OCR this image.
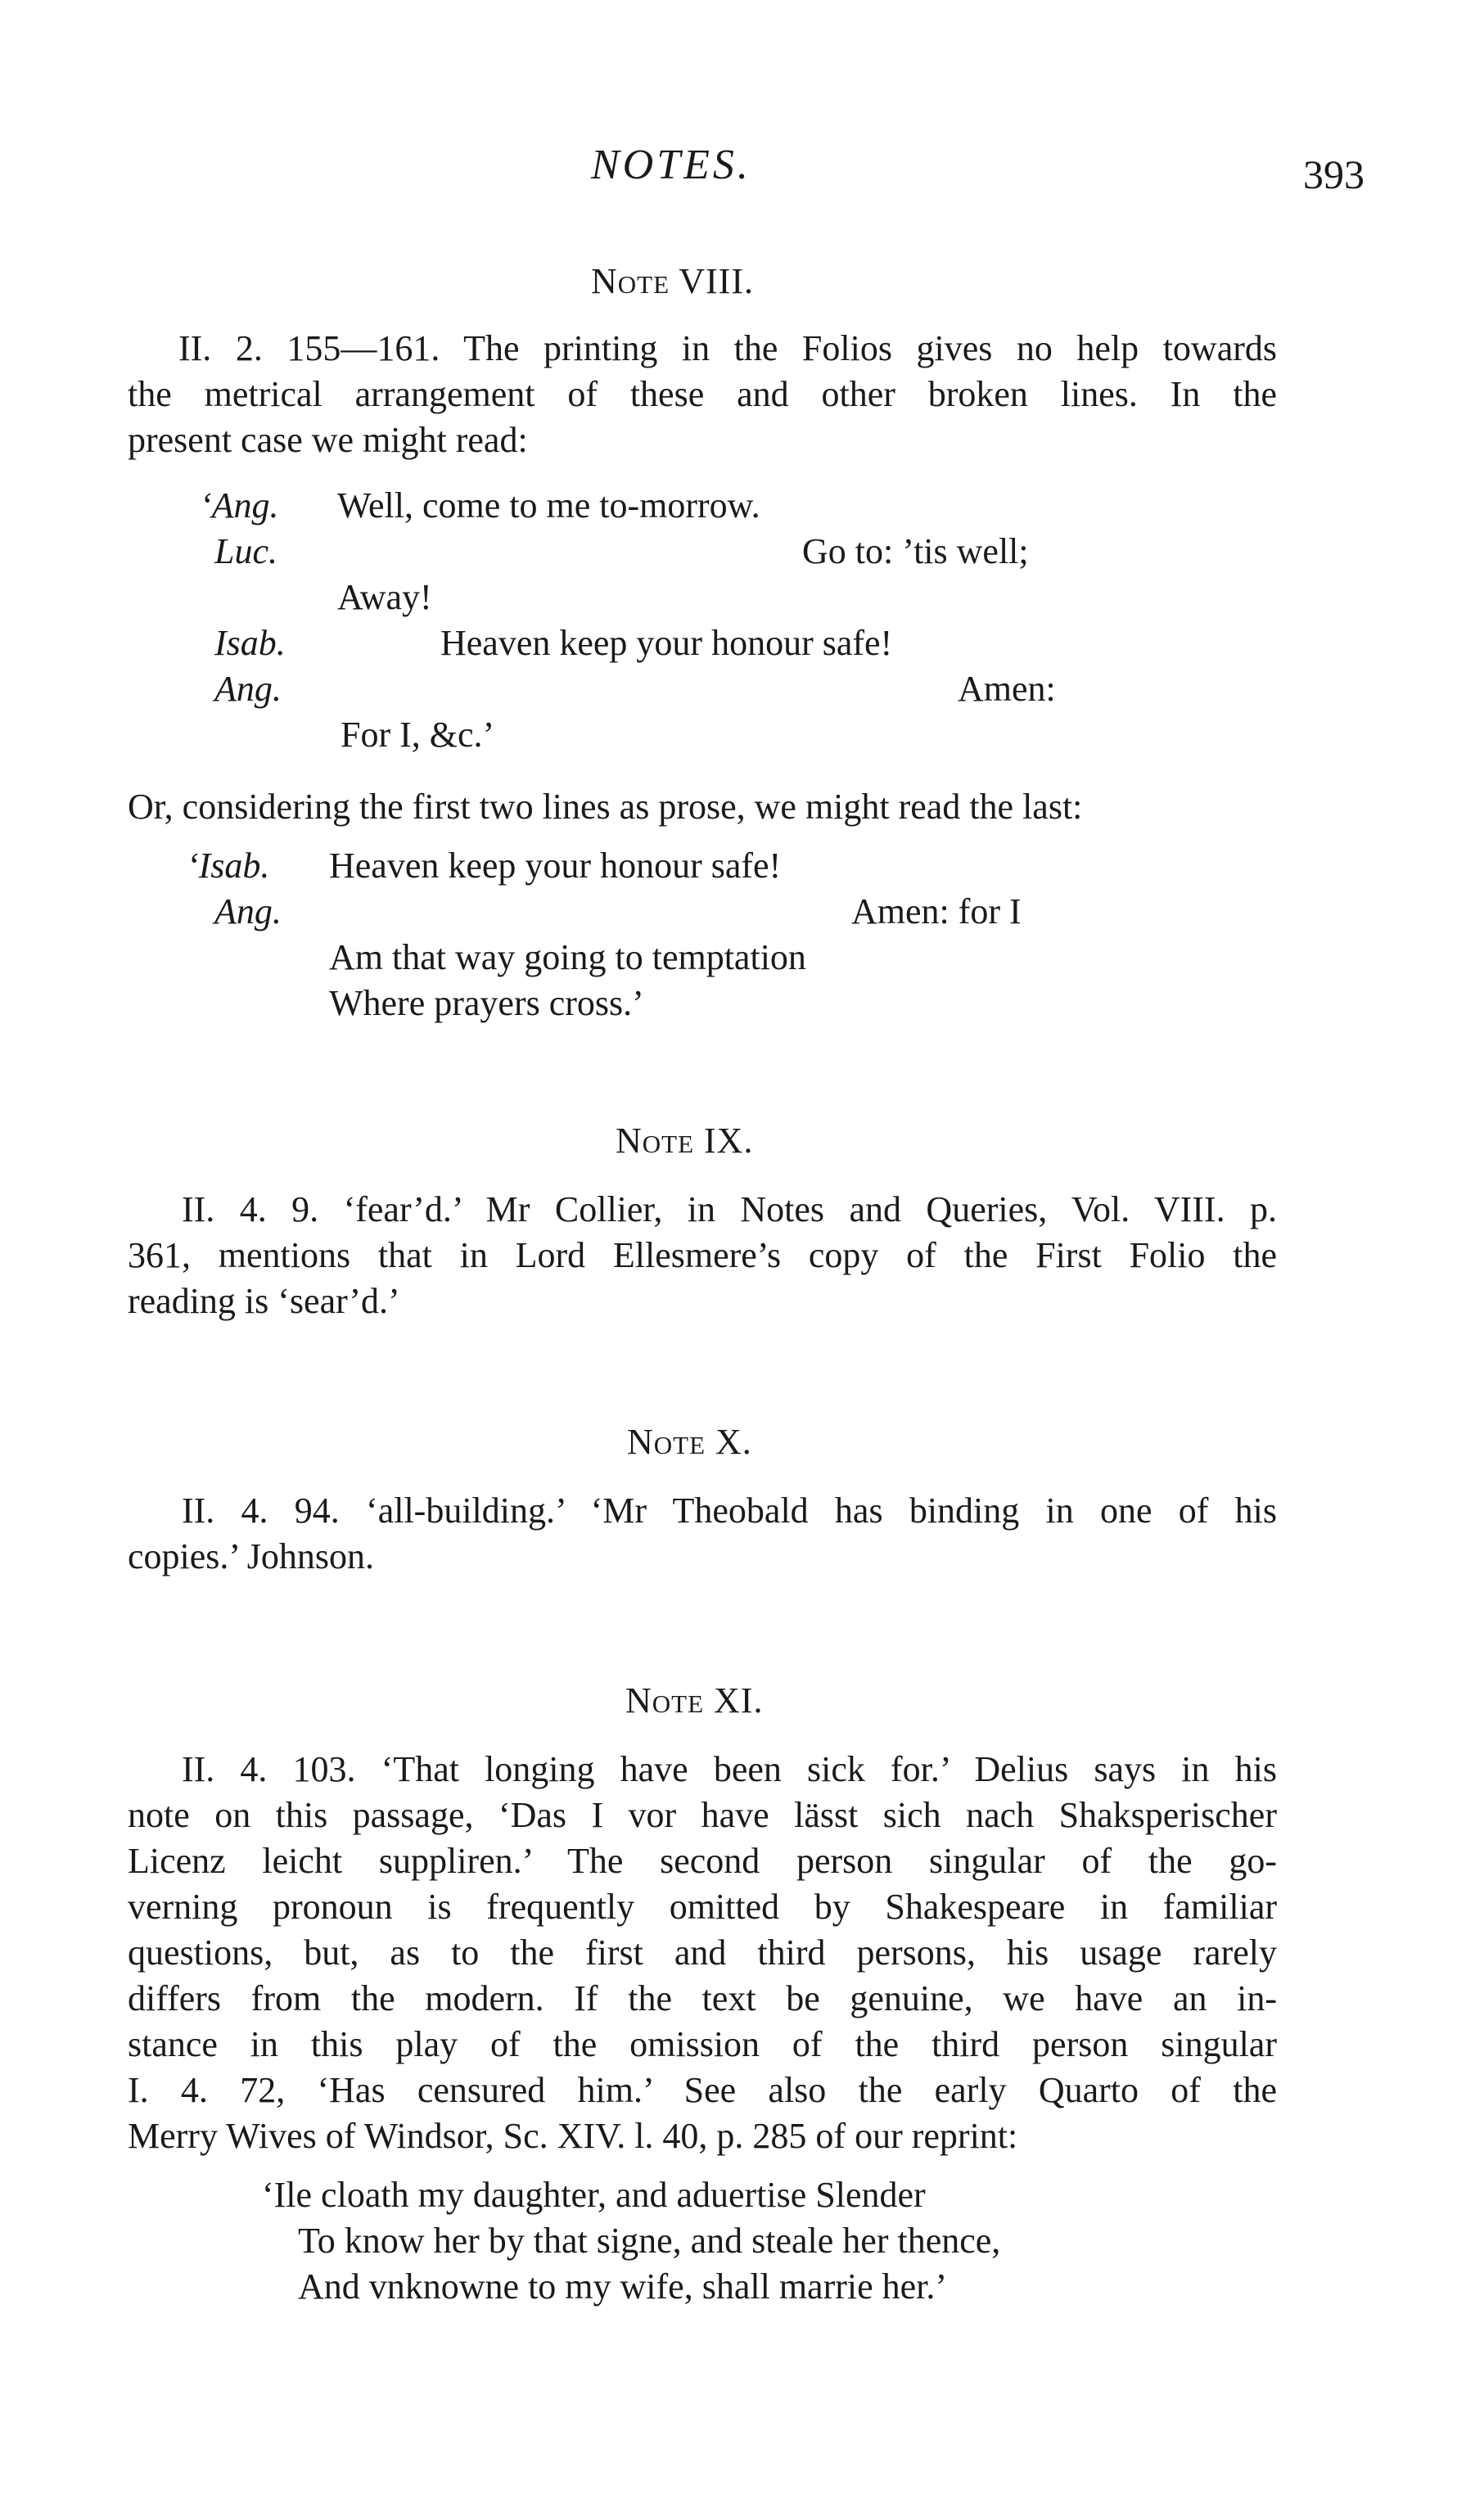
NOTES.	393
Note VIII.
II. 2. 155—161. The printing in the Folios gives no help towards
the metrical arrangement of these and other broken lines. In the
present case we might read:
‘Ang. Well, come to me to-morrow.
Luc.	Go to: ’tis well;
Away!
Isab.	Heaven keep your honour safe!
Ang.	Amen:
For I, &c.’
Or, considering the first two lines as prose, we might read the last:
‘Isab. Heaven keep your honour safe!
Ang.	Amen: for I
Am that way going to temptation
Where prayers cross.’
Note IX.
II. 4. 9. ‘fear’d.’ Mr Collier, in Notes and Queries, Vol. VIII. p.
361, mentions that in Lord Ellesmere’s copy of the First Folio the
reading is ‘sear’d.’
Note X.
II. 4. 94. ‘all-building.’ ‘Mr Theobald has binding in one of his
copies.’ Johnson.
Note XI.
II. 4. 103. ‘That longing have been sick for.’ Delius says in his
note on this passage, ‘Das I vor have lässt sich nach Shaksperischer
Licenz leicht suppliren.’ The second person singular of the go-
verning pronoun is frequently omitted by Shakespeare in familiar
questions, but, as to the first and third persons, his usage rarely
differs from the modern. If the text be genuine, we have an in-
stance in this play of the omission of the third person singular
I. 4. 72, ‘Has censured him.’ See also the early Quarto of the
Merry Wives of Windsor, Sc. XIV. l. 40, p. 285 of our reprint:
‘Ile cloath my daughter, and aduertise Slender
To know her by that signe, and steale her thence,
And vnknowne to my wife, shall marrie her.’
